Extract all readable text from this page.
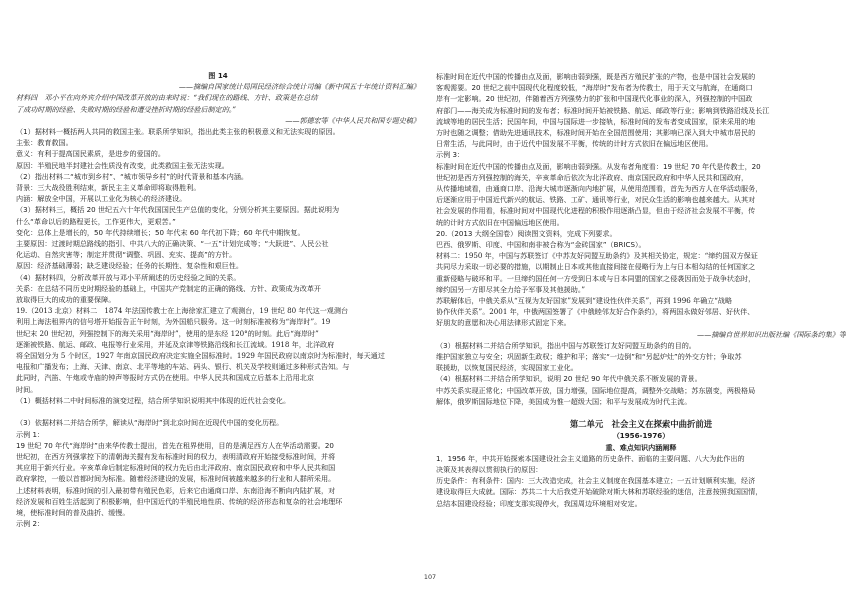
图 14

——摘编自国家统计局国民经济综合统计司编《新中国五十年统计资料汇编》

材料四　邓小平在向外宾介绍中国改革开放的由来时说：“我们现在的路线、方针、政策是在总结

了成功时期的经验、失败时期的经验和遭受挫折时期的经验后制定的。”

——郭德宏等《中华人民共和国专题史稿》

（1）据材料一概括两人共同的救国主张。联系所学知识，指出此类主张的积极意义和无法实现的原因。

主张：教育救国。

意义：有利于提高国民素质，是进步的爱国的。

原因：半殖民地半封建社会性质没有改变，此类救国主张无法实现。

（2）指出材料二“城市到乡村”、“城市领导乡村”的时代背景和基本内涵。

背景：三大战役胜利结束，新民主主义革命即将取得胜利。

内涵：解放全中国，开展以工业化为核心的经济建设。

（3）据材料三，概括 20 世纪五六十年代我国国民生产总值的变化，分别分析其主要原因。据此说明为

什么“革命以后的路程更长，工作更伟大，更艰苦。”

变化：总体上是增长的，50 年代持续增长；50 年代末 60 年代初下降；60 年代中期恢复。

主要原因：过渡时期总路线的指引、中共八大的正确决策、“一五”计划完成等；“大跃进”、人民公社

化运动、自然灾害等；制定并贯彻“调整、巩固、充实、提高”的方针。

原因：经济基础薄弱；缺乏建设经验；任务的长期性、复杂性和艰巨性。

（4）据材料四，分析改革开放与邓小平所阐述的历史经验之间的关系。

关系：在总结不同历史时期经验的基础上，中国共产党制定的正确的路线、方针、政策成为改革开

放取得巨大的成功的重要保障。

19.（2013 北京）材料二　1874 年法国传教士在上海徐家汇建立了观测台，19 世纪 80 年代这一观测台

利用上海法租界内的信号塔开始报告正午时刻，为外国船只服务。这一时刻标准被称为“海岸时”。19

世纪末 20 世纪初，列强控制下的海关采用“海岸时”，使用的是东经 120°的时刻。此后“海岸时”

逐渐被铁路、航运、邮政、电报等行业采用，并延及京津等铁路沿线和长江流域。1918 年，北洋政府

将全国划分为 5 个时区，1927 年南京国民政府决定实施全国标准时。1929 年国民政府以南京时为标准时，每天通过

电报和广播发布；上海、天津、南京、北平等地的车站、码头、银行、机关及学校则通过多种形式告知。与

此同时，汽笛、午炮或寺庙的钟声等报时方式仍在使用。中华人民共和国成立后基本上沿用北京

时间。

（1）概括材料二中时间标准的演变过程，结合所学知识说明其中体现的近代社会变化。

（3）依据材料二并结合所学，解读从“海岸时”到北京时间在近现代中国的变化历程。

示例 1：

19 世纪 70 年代“海岸时”由来华传教士提出，首先在租界使用，目的是满足西方人在华活动需要。20

世纪初，在西方列强掌控下的清朝海关握有发布标准时间的权力，表明清政府开始接受标准时间，并将

其应用于新兴行业。辛亥革命后制定标准时间的权力先后由北洋政府、南京国民政府和中华人民共和国

政府掌控，一般以首都时间为标准。随着经济建设的发展，标准时间被越来越多的行业和人群所采用。

上述材料表明，标准时间的引入最初带有殖民色彩，后来它由通商口岸、东南沿海不断向内陆扩展，对

经济发展和百姓生活起到了积极影响，但中国近代的半殖民地性质、传统的经济形态和复杂的社会地理环

境，使标准时间的普及曲折、缓慢。

示例 2：

标准时间在近代中国的传播由点及面，影响由弱到强，既是西方殖民扩张的产物，也是中国社会发展的

客观需要。20 世纪之前中国现代化程度较低，“海岸时”发布者为传教士，用于天文与航海，在通商口

岸有一定影响。20 世纪初，伴随着西方列强势力的扩张和中国现代化事业的深入，列强控制的中国政

府部门——海关成为标准时间的发布者；标准时间开始被铁路、航运、邮政等行业；影响到铁路沿线及长江

流域等地的居民生活；民国年间，中国与国际进一步接轨，标准时间的发布者变成国家，原来采用的地

方时也随之调整；借助先进通讯技术，标准时间开始在全国范围使用；其影响已深入到大中城市居民的

日常生活，与此同时，由于近代中国发展不平衡，传统的计时方式依旧在偏远地区使用。

示例 3：

标准时间在近代中国的传播由点及面，影响由弱到强。从发布者角度看：19 世纪 70 年代是传教士，20

世纪初是西方列强控制的海关，辛亥革命后依次为北洋政府、南京国民政府和中华人民共和国政府，

从传播地域看，由通商口岸、沿海大城市逐渐向内地扩展，从使用范围看，首先为西方人在华活动服务，

后逐渐应用于中国近代新兴的航运、铁路、工矿、通讯等行业，对民众生活的影响也越来越大。从其对

社会发展的作用看，标准时间对中国现代化进程的积极作用逐渐凸显，但由于经济社会发展不平衡，传

统的计时方式依旧在中国偏远地区使用。

20.（2013 大纲全国卷）阅读图文资料，完成下列要求。

巴西、俄罗斯、印度、中国和南非被合称为“金砖国家”（BRICS）。

材料二：1950 年，中国与苏联签订《中苏友好同盟互助条约》及其相关协定，规定：“缔约国双方保证

共同尽力采取一切必要的措施，以期制止日本或其他直接间接在侵略行为上与日本相勾结的任何国家之

重新侵略与破坏和平。一旦缔约国任何一方受到日本或与日本同盟的国家之侵袭因而处于战争状态时，

缔约国另一方即尽其全力给予军事及其他援助。”

苏联解体后，中俄关系从“互视为友好国家”发展到“建设性伙伴关系”，再到 1996 年确立“战略

协作伙伴关系”。2001 年，中俄两国签署了《中俄睦邻友好合作条约》，将两国永做好邻居、好伙伴、

好朋友的意愿和决心用法律形式固定下来。

——摘编自世界知识出版社编《国际条约集》等

（3）根据材料二并结合所学知识，指出中国与苏联签订友好同盟互助条约的目的。

维护国家独立与安全；巩固新生政权；维护和平；落实“一边倒”和“另起炉灶”的外交方针；争取苏

联援助，以恢复国民经济，实现国家工业化。

（4）根据材料二并结合所学知识，说明 20 世纪 90 年代中俄关系不断发展的背景。

中苏关系实现正常化；中国改革开放，国力增强，国际地位提高，调整外交战略；苏东剧变，两极格局

解体，俄罗斯国际地位下降，美国成为惟一超级大国；和平与发展成为时代主流。

第二单元　社会主义在探索中曲折前进

（1956-1976）

重、难点知识内涵阐释

1．1956 年，中共开始探索本国建设社会主义道路的历史条件、面临的主要问题、八大为此作出的

决策及其表得以贯彻执行的原因：

历史条件：有利条件：国内：三大改造完成，社会主义制度在我国基本建立；一五计划顺利实施，经济

建设取得巨大成就。国际：苏共二十大后我党开始破除对斯大林和苏联经验的迷信，注意按照我国国情，

总结本国建设经验；印度支那实现停火，我国周边环境相对安定。

107
